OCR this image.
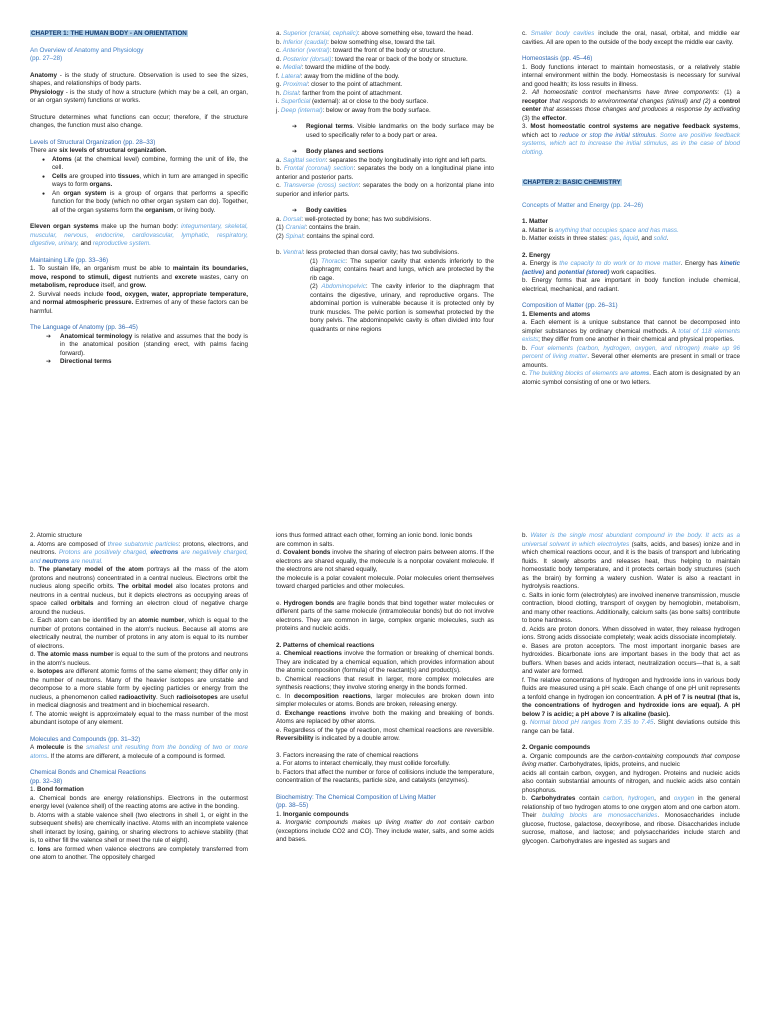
CHAPTER 1: THE HUMAN BODY - AN ORIENTATION

An Overview of Anatomy and Physiology
(pp. 27–28)

Anatomy - is the study of structure. Observation is used to see the sizes, shapes, and relationships of body parts.

Physiology - is the study of how a structure (which may be a cell, an organ, or an organ system) functions or works.

Structure determines what functions can occur; therefore, if the structure changes, the function must also change.

Levels of Structural Organization (pp. 28–33)

There are six levels of structural organization.

● Atoms (at the chemical level) combine, forming the unit of life, the cell.
● Cells are grouped into tissues, which in turn are arranged in specific ways to form organs.
● An organ system is a group of organs that performs a specific function for the body (which no other organ system can do). Together, all of the organ systems form the organism, or living body.

Eleven organ systems make up the human body: integumentary, skeletal, muscular, nervous, endocrine, cardiovascular, lymphatic, respiratory, digestive, urinary, and reproductive system.

Maintaining Life (pp. 33–36)

1. To sustain life, an organism must be able to maintain its boundaries, move, respond to stimuli, digest nutrients and excrete wastes, carry on metabolism, reproduce itself, and grow.

2. Survival needs include food, oxygen, water, appropriate temperature, and normal atmospheric pressure. Extremes of any of these factors can be harmful.

The Language of Anatomy (pp. 36–45)

➔ Anatomical terminology is relative and assumes that the body is in the anatomical position (standing erect, with palms facing forward).
➔ Directional terms
a. Superior (cranial, cephalic): above something else, toward the head.
b. Inferior (caudal): below something else, toward the tail.
c. Anterior (ventral): toward the front of the body or structure.
d. Posterior (dorsal): toward the rear or back of the body or structure.
e. Medial: toward the midline of the body.
f. Lateral: away from the midline of the body.
g. Proximal: closer to the point of attachment.
h. Distal: farther from the point of attachment.
i. Superficial (external): at or close to the body surface.
j. Deep (internal): below or away from the body surface.
➔ Regional terms. Visible landmarks on the body surface may be used to specifically refer to a body part or area.
➔ Body planes and sections
a. Sagittal section: separates the body longitudinally into right and left parts.
b. Frontal (coronal) section: separates the body on a longitudinal plane into anterior and posterior parts.
c. Transverse (cross) section: separates the body on a horizontal plane into superior and inferior parts.
➔ Body cavities
a. Dorsal: well-protected by bone; has two subdivisions.
(1) Cranial: contains the brain.
(2) Spinal: contains the spinal cord.
b. Ventral: less protected than dorsal cavity; has two subdivisions.
(1) Thoracic: The superior cavity that extends inferiorly to the diaphragm; contains heart and lungs, which are protected by the rib cage.
(2) Abdominopelvic: The cavity inferior to the diaphragm that contains the digestive, urinary, and reproductive organs. The abdominal portion is vulnerable because it is protected only by trunk muscles. The pelvic portion is somewhat protected by the bony pelvis. The abdominopelvic cavity is often divided into four quadrants or nine regions

c. Smaller body cavities include the oral, nasal, orbital, and middle ear cavities. All are open to the outside of the body except the middle ear cavity.

Homeostasis (pp. 45–46)

1. Body functions interact to maintain homeostasis, or a relatively stable internal environment within the body. Homeostasis is necessary for survival and good health; its loss results in illness.

2. All homeostatic control mechanisms have three components: (1) a receptor that responds to environmental changes (stimuli) and (2) a control center that assesses those changes and produces a response by activating (3) the effector.

3. Most homeostatic control systems are negative feedback systems, which act to reduce or stop the initial stimulus. Some are positive feedback systems, which act to increase the initial stimulus, as in the case of blood clotting.

CHAPTER 2: BASIC CHEMISTRY

Concepts of Matter and Energy (pp. 24–26)

1. Matter

a. Matter is anything that occupies space and has mass.

b. Matter exists in three states: gas, liquid, and solid.

2. Energy

a. Energy is the capacity to do work or to move matter. Energy has kinetic (active) and potential (stored) work capacities.

b. Energy forms that are important in body function include chemical, electrical, mechanical, and radiant.

Composition of Matter (pp. 26–31)

1. Elements and atoms

a. Each element is a unique substance that cannot be decomposed into simpler substances by ordinary chemical methods. A total of 118 elements exists; they differ from one another in their chemical and physical properties.

b. Four elements (carbon, hydrogen, oxygen, and nitrogen) make up 96 percent of living matter. Several other elements are present in small or trace amounts.

c. The building blocks of elements are atoms. Each atom is designated by an atomic symbol consisting of one or two letters.

2. Atomic structure

a. Atoms are composed of three subatomic particles: protons, electrons, and neutrons. Protons are positively charged, electrons are negatively charged, and neutrons are neutral.

b. The planetary model of the atom portrays all the mass of the atom (protons and neutrons) concentrated in a central nucleus. Electrons orbit the nucleus along specific orbits. The orbital model also locates protons and neutrons in a central nucleus, but it depicts electrons as occupying areas of space called orbitals and forming an electron cloud of negative charge around the nucleus.

c. Each atom can be identified by an atomic number, which is equal to the number of protons contained in the atom's nucleus. Because all atoms are electrically neutral, the number of protons in any atom is equal to its number of electrons.

d. The atomic mass number is equal to the sum of the protons and neutrons in the atom's nucleus.

e. Isotopes are different atomic forms of the same element; they differ only in the number of neutrons. Many of the heavier isotopes are unstable and decompose to a more stable form by ejecting particles or energy from the nucleus, a phenomenon called radioactivity. Such radioisotopes are useful in medical diagnosis and treatment and in biochemical research.

f. The atomic weight is approximately equal to the mass number of the most abundant isotope of any element.

Molecules and Compounds (pp. 31–32)

A molecule is the smallest unit resulting from the bonding of two or more atoms. If the atoms are different, a molecule of a compound is formed.

Chemical Bonds and Chemical Reactions
(pp. 32–38)

1. Bond formation

a. Chemical bonds are energy relationships. Electrons in the outermost energy level (valence shell) of the reacting atoms are active in the bonding.

b. Atoms with a stable valence shell (two electrons in shell 1, or eight in the subsequent shells) are chemically inactive. Atoms with an incomplete valence shell interact by losing, gaining, or sharing electrons to achieve stability (that is, to either fill the valence shell or meet the rule of eight).

c. Ions are formed when valence electrons are completely transferred from one atom to another. The oppositely charged

ions thus formed attract each other, forming an ionic bond. Ionic bonds

are common in salts.

d. Covalent bonds involve the sharing of electron pairs between atoms. If the electrons are shared equally, the molecule is a nonpolar covalent molecule. If the electrons are not shared equally,

the molecule is a polar covalent molecule. Polar molecules orient themselves toward charged particles and other molecules.

e. Hydrogen bonds are fragile bonds that bind together water molecules or different parts of the same molecule (intramolecular bonds) but do not involve electrons. They are common in large, complex organic molecules, such as proteins and nucleic acids.

2. Patterns of chemical reactions

a. Chemical reactions involve the formation or breaking of chemical bonds. They are indicated by a chemical equation, which provides information about the atomic composition (formula) of the reactant(s) and product(s).

b. Chemical reactions that result in larger, more complex molecules are synthesis reactions; they involve storing energy in the bonds formed.

c. In decomposition reactions, larger molecules are broken down into simpler molecules or atoms. Bonds are broken, releasing energy.

d. Exchange reactions involve both the making and breaking of bonds. Atoms are replaced by other atoms.

e. Regardless of the type of reaction, most chemical reactions are reversible. Reversibility is indicated by a double arrow.

3. Factors increasing the rate of chemical reactions

a. For atoms to interact chemically, they must collide forcefully.

b. Factors that affect the number or force of collisions include the temperature, concentration of the reactants, particle size, and catalysts (enzymes).

Biochemistry: The Chemical Composition of Living Matter
(pp. 38–55)

1. Inorganic compounds

a. Inorganic compounds makes up living matter do not contain carbon (exceptions include CO2 and CO). They include water, salts, and some acids and bases.

b. Water is the single most abundant compound in the body. It acts as a universal solvent in which electrolytes (salts, acids, and bases) ionize and in which chemical reactions occur, and it is the basis of transport and lubricating fluids. It slowly absorbs and releases heat, thus helping to maintain homeostatic body temperature, and it protects certain body structures (such as the brain) by forming a watery cushion. Water is also a reactant in hydrolysis reactions.

c. Salts in ionic form (electrolytes) are involved inenerve transmission, muscle contraction, blood clotting, transport of oxygen by hemoglobin, metabolism, and many other reactions. Additionally, calcium salts (as bone salts) contribute to bone hardness.

d. Acids are proton donors. When dissolved in water, they release hydrogen ions. Strong acids dissociate completely; weak acids dissociate incompletely.

e. Bases are proton acceptors. The most important inorganic bases are hydroxides. Bicarbonate ions are important bases in the body that act as buffers. When bases and acids interact, neutralization occurs—that is, a salt and water are formed.

f. The relative concentrations of hydrogen and hydroxide ions in various body fluids are measured using a pH scale. Each change of one pH unit represents a tenfold change in hydrogen ion concentration. A pH of 7 is neutral (that is, the concentrations of hydrogen and hydroxide ions are equal). A pH below 7 is acidic; a pH above 7 is alkaline (basic).

g. Normal blood pH ranges from 7.35 to 7.45. Slight deviations outside this range can be fatal.

2. Organic compounds

a. Organic compounds are the carbon-containing compounds that compose living matter. Carbohydrates, lipids, proteins, and nucleic

acids all contain carbon, oxygen, and hydrogen. Proteins and nucleic acids also contain substantial amounts of nitrogen, and nucleic acids also contain phosphorus.

b. Carbohydrates contain carbon, hydrogen, and oxygen in the general relationship of two hydrogen atoms to one oxygen atom and one carbon atom. Their building blocks are monosaccharides. Monosaccharides include glucose, fructose, galactose, deoxyribose, and ribose. Disaccharides include sucrose, maltose, and lactose; and polysaccharides include starch and glycogen. Carbohydrates are ingested as sugars and
